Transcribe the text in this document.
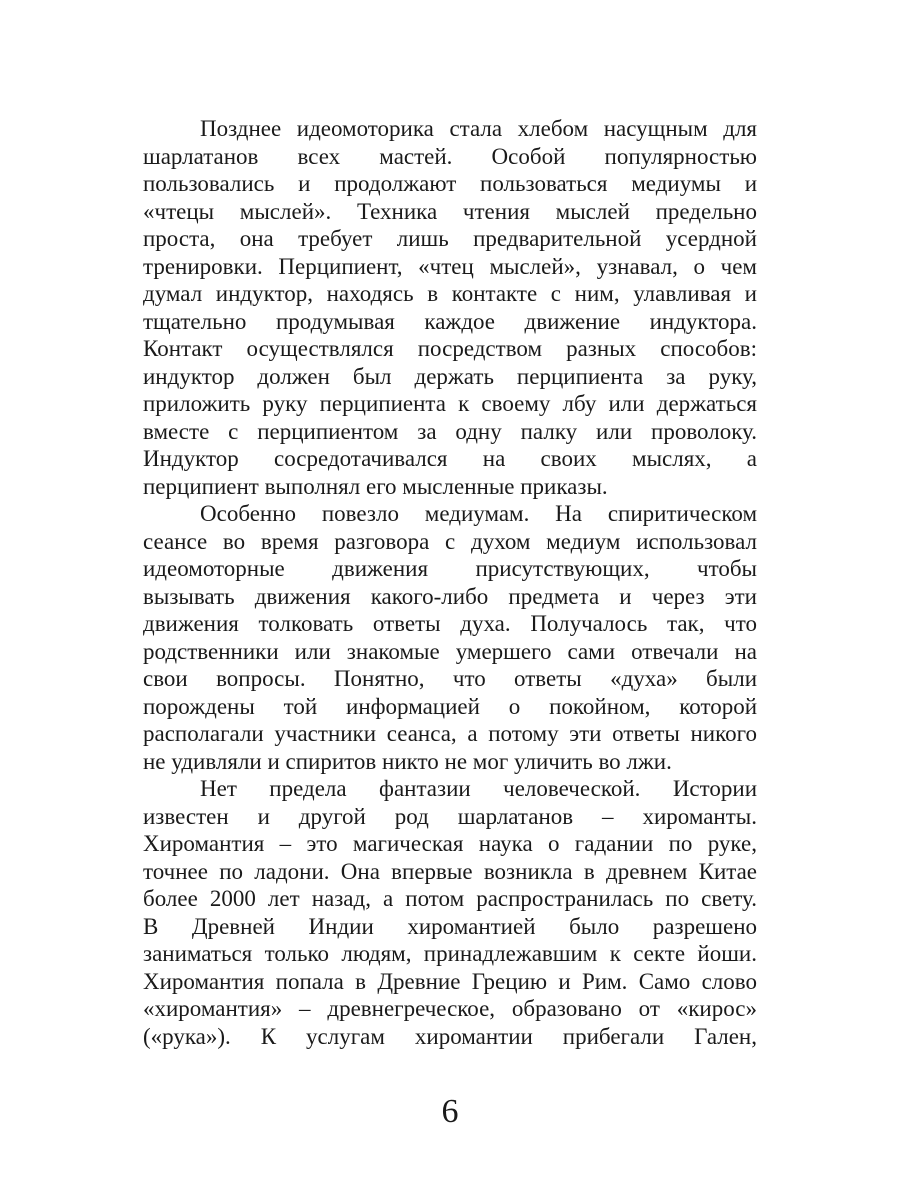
Позднее идеомоторика стала хлебом насущным для
шарлатанов всех мастей. Особой популярностью
пользовались и продолжают пользоваться медиумы и
«чтецы мыслей». Техника чтения мыслей предельно
проста, она требует лишь предварительной усердной
тренировки. Перципиент, «чтец мыслей», узнавал, о чем
думал индуктор, находясь в контакте с ним, улавливая и
тщательно продумывая каждое движение индуктора.
Контакт осуществлялся посредством разных способов:
индуктор должен был держать перципиента за руку,
приложить руку перципиента к своему лбу или держаться
вместе с перципиентом за одну палку или проволоку.
Индуктор сосредотачивался на своих мыслях, а
перципиент выполнял его мысленные приказы.
Особенно повезло медиумам. На спиритическом
сеансе во время разговора с духом медиум использовал
идеомоторные движения присутствующих, чтобы
вызывать движения какого-либо предмета и через эти
движения толковать ответы духа. Получалось так, что
родственники или знакомые умершего сами отвечали на
свои вопросы. Понятно, что ответы «духа» были
порождены той информацией о покойном, которой
располагали участники сеанса, а потому эти ответы никого
не удивляли и спиритов никто не мог уличить во лжи.
Нет предела фантазии человеческой. Истории
известен и другой род шарлатанов – хироманты.
Хиромантия – это магическая наука о гадании по руке,
точнее по ладони. Она впервые возникла в древнем Китае
более 2000 лет назад, а потом распространилась по свету.
В Древней Индии хиромантией было разрешено
заниматься только людям, принадлежавшим к секте йоши.
Хиромантия попала в Древние Грецию и Рим. Само слово
«хиромантия» – древнегреческое, образовано от «кирос»
(«рука»). К услугам хиромантии прибегали Гален,
6
